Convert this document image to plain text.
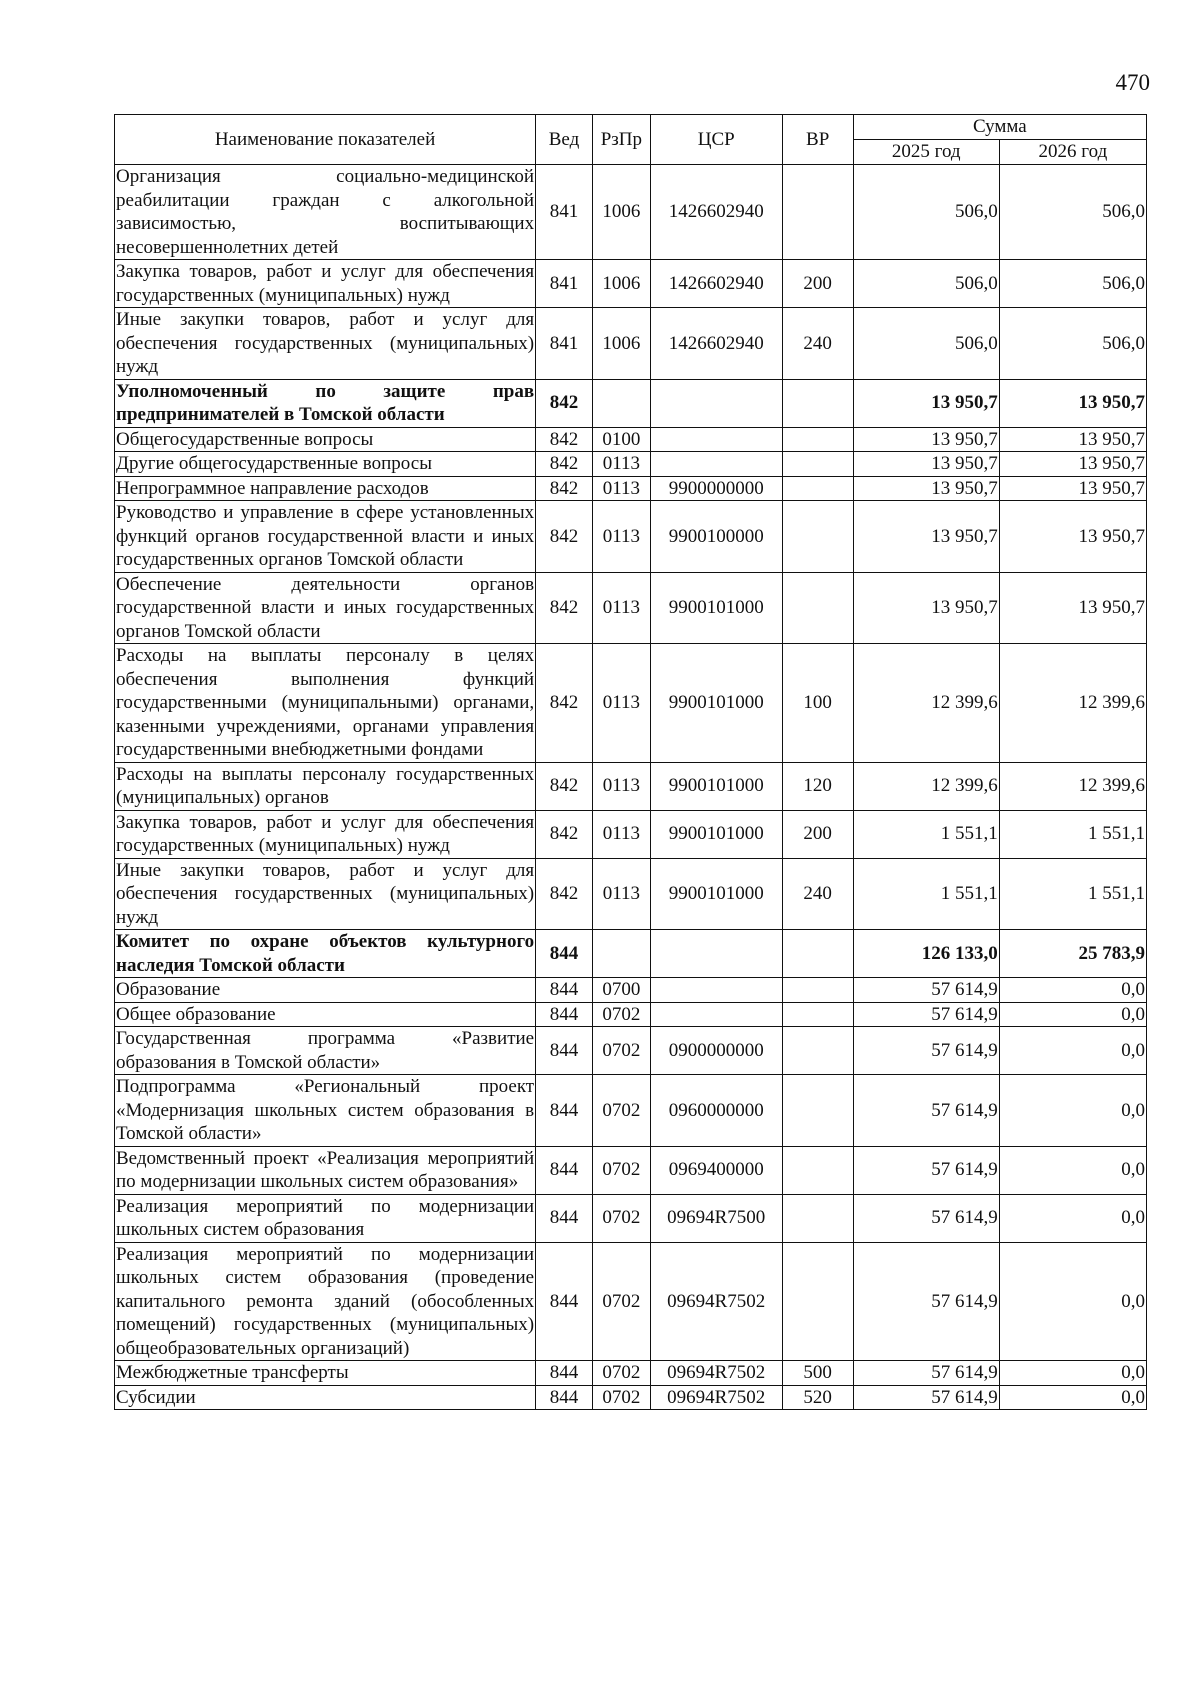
470
Наименование показателей	Вед	РзПр	ЦСР	ВР	Сумма	
					2025 год	2026 год
Организация социально-медицинской реабилитации граждан с алкогольной зависимостью, воспитывающих несовершеннолетних детей	841	1006	1426602940		506,0	506,0
Закупка товаров, работ и услуг для обеспечения государственных (муниципальных) нужд	841	1006	1426602940	200	506,0	506,0
Иные закупки товаров, работ и услуг для обеспечения государственных (муниципальных) нужд	841	1006	1426602940	240	506,0	506,0
Уполномоченный по защите прав предпринимателей в Томской области	842				13 950,7	13 950,7
Общегосударственные вопросы	842	0100			13 950,7	13 950,7
Другие общегосударственные вопросы	842	0113			13 950,7	13 950,7
Непрограммное направление расходов	842	0113	9900000000		13 950,7	13 950,7
Руководство и управление в сфере установленных функций органов государственной власти и иных государственных органов Томской области	842	0113	9900100000		13 950,7	13 950,7
Обеспечение деятельности органов государственной власти и иных государственных органов Томской области	842	0113	9900101000		13 950,7	13 950,7
Расходы на выплаты персоналу в целях обеспечения выполнения функций государственными (муниципальными) органами, казенными учреждениями, органами управления государственными внебюджетными фондами	842	0113	9900101000	100	12 399,6	12 399,6
Расходы на выплаты персоналу государственных (муниципальных) органов	842	0113	9900101000	120	12 399,6	12 399,6
Закупка товаров, работ и услуг для обеспечения государственных (муниципальных) нужд	842	0113	9900101000	200	1 551,1	1 551,1
Иные закупки товаров, работ и услуг для обеспечения государственных (муниципальных) нужд	842	0113	9900101000	240	1 551,1	1 551,1
Комитет по охране объектов культурного наследия Томской области	844				126 133,0	25 783,9
Образование	844	0700			57 614,9	0,0
Общее образование	844	0702			57 614,9	0,0
Государственная программа «Развитие образования в Томской области»	844	0702	0900000000		57 614,9	0,0
Подпрограмма «Региональный проект «Модернизация школьных систем образования в Томской области»	844	0702	0960000000		57 614,9	0,0
Ведомственный проект «Реализация мероприятий по модернизации школьных систем образования»	844	0702	0969400000		57 614,9	0,0
Реализация мероприятий по модернизации школьных систем образования	844	0702	09694R7500		57 614,9	0,0
Реализация мероприятий по модернизации школьных систем образования (проведение капитального ремонта зданий (обособленных помещений) государственных (муниципальных) общеобразовательных организаций)	844	0702	09694R7502		57 614,9	0,0
Межбюджетные трансферты	844	0702	09694R7502	500	57 614,9	0,0
Субсидии	844	0702	09694R7502	520	57 614,9	0,0
